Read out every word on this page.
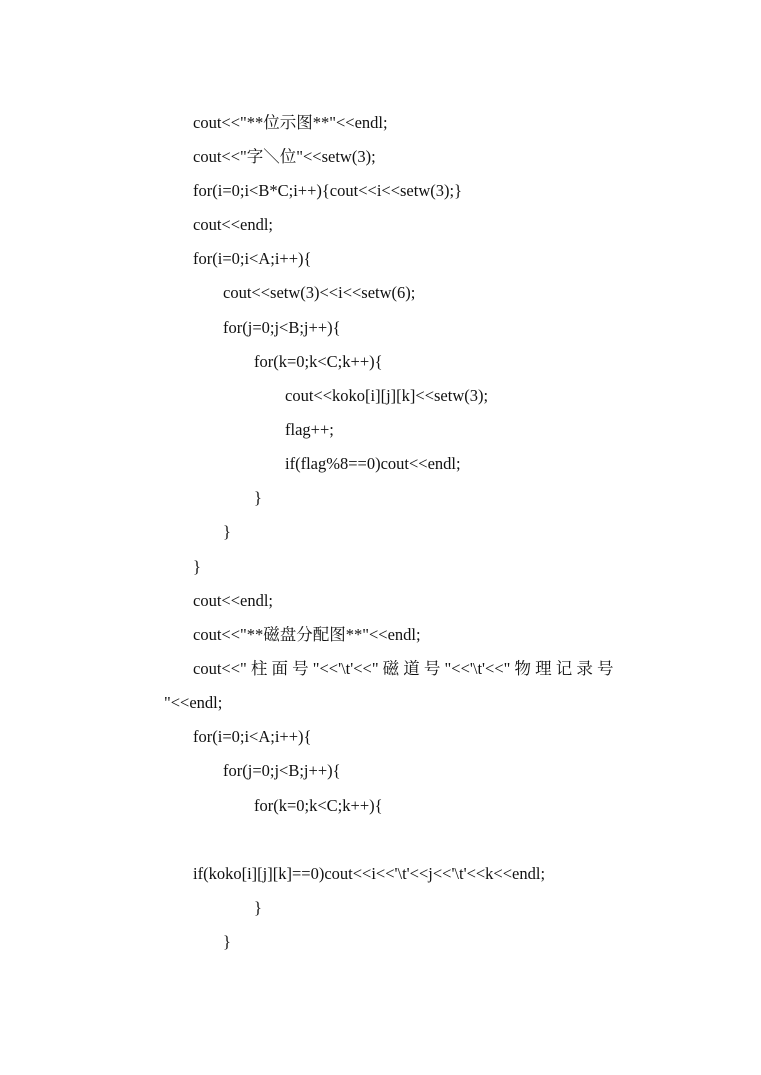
cout<<"**位示图**"<<endl;
cout<<"字＼位"<<setw(3);
for(i=0;i<B*C;i++){cout<<i<<setw(3);}
cout<<endl;
for(i=0;i<A;i++){
cout<<setw(3)<<i<<setw(6);
for(j=0;j<B;j++){
for(k=0;k<C;k++){
cout<<koko[i][j][k]<<setw(3);
flag++;
if(flag%8==0)cout<<endl;
}
}
}
cout<<endl;
cout<<"**磁盘分配图**"<<endl;
cout<<" 柱 面 号 "<<'\t'<<" 磁 道 号 "<<'\t'<<" 物 理 记 录 号
"<<endl;
for(i=0;i<A;i++){
for(j=0;j<B;j++){
for(k=0;k<C;k++){
if(koko[i][j][k]==0)cout<<i<<'\t'<<j<<'\t'<<k<<endl;
}
}
